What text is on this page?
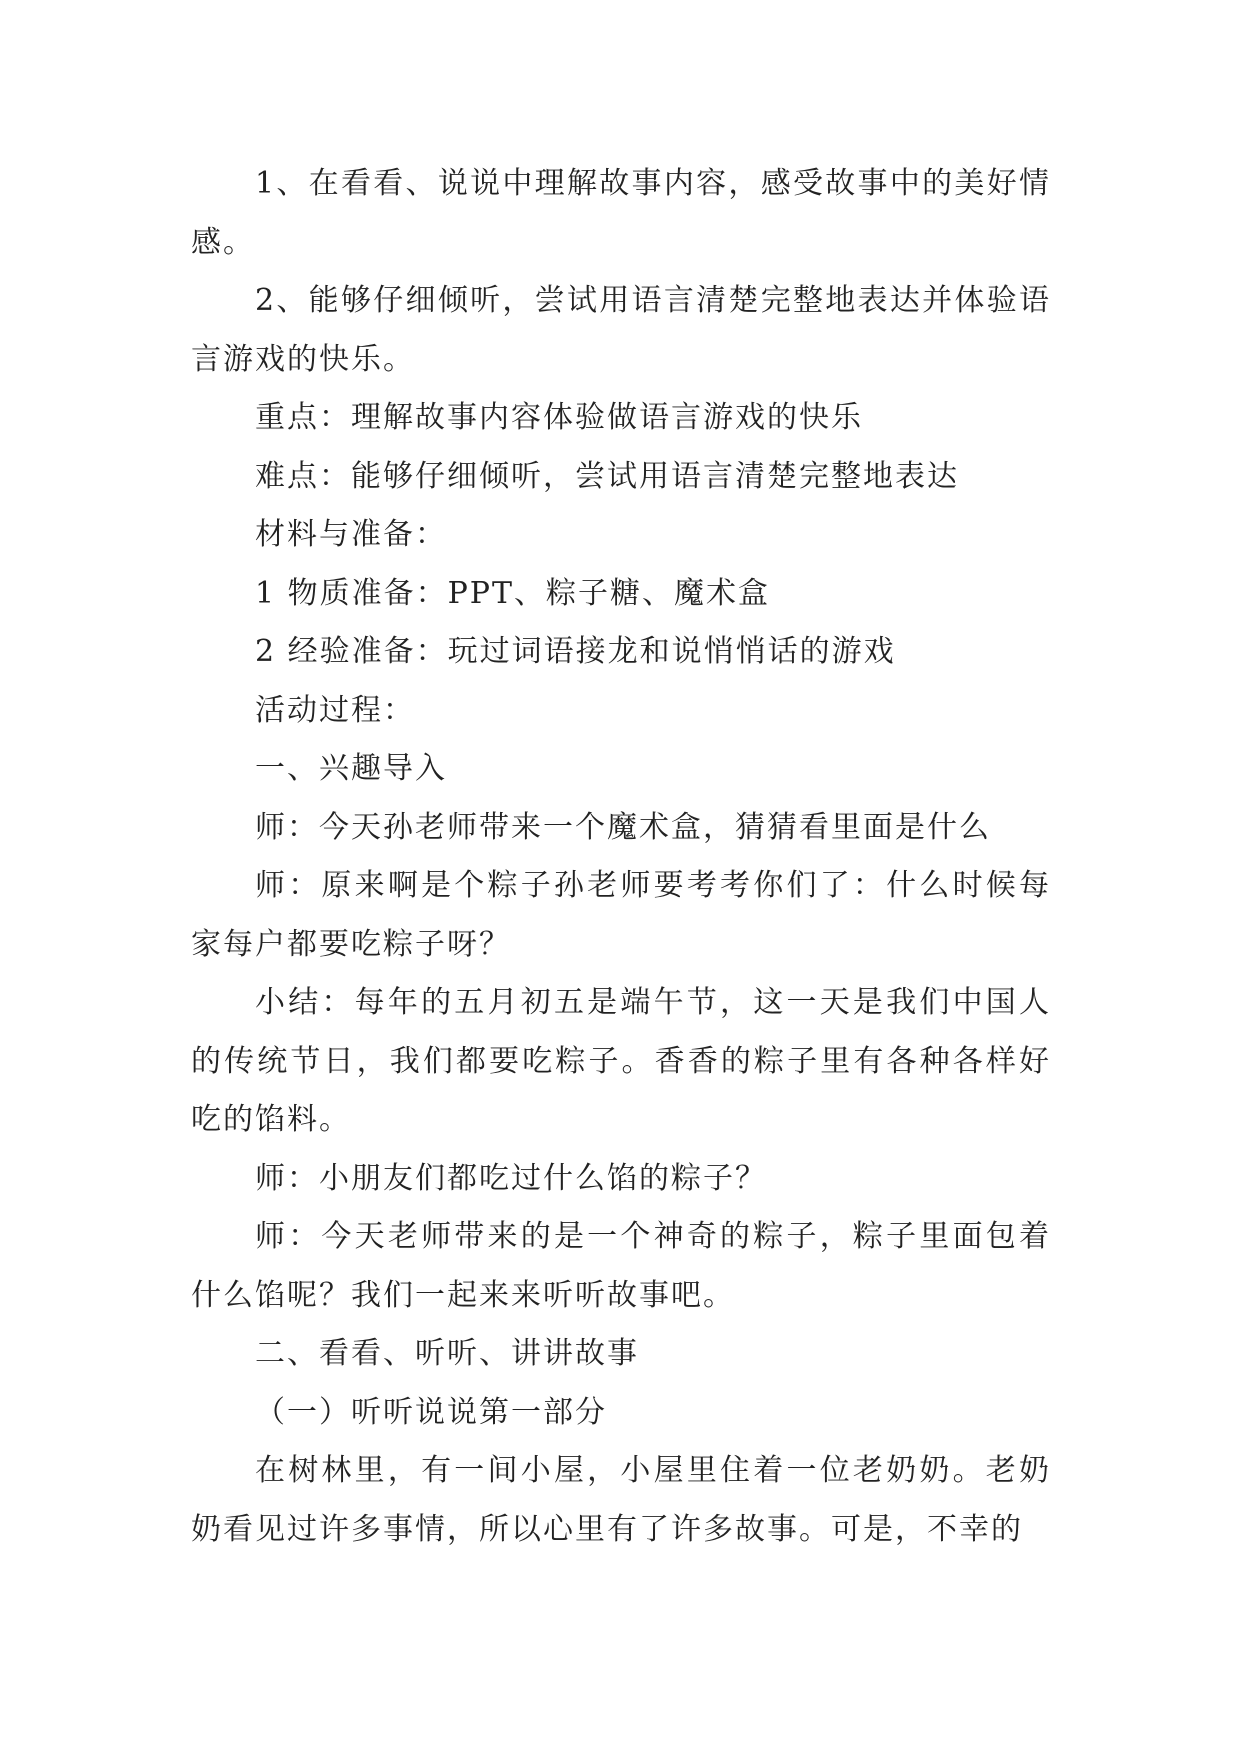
1、在看看、说说中理解故事内容，感受故事中的美好情感。

2、能够仔细倾听，尝试用语言清楚完整地表达并体验语言游戏的快乐。

重点：理解故事内容体验做语言游戏的快乐

难点：能够仔细倾听，尝试用语言清楚完整地表达

材料与准备：

1 物质准备：PPT、粽子糖、魔术盒

2 经验准备：玩过词语接龙和说悄悄话的游戏

活动过程：

一、兴趣导入

师：今天孙老师带来一个魔术盒，猜猜看里面是什么

师：原来啊是个粽子孙老师要考考你们了：什么时候每家每户都要吃粽子呀？

小结：每年的五月初五是端午节，这一天是我们中国人的传统节日，我们都要吃粽子。香香的粽子里有各种各样好吃的馅料。

师：小朋友们都吃过什么馅的粽子？

师：今天老师带来的是一个神奇的粽子，粽子里面包着什么馅呢？我们一起来来听听故事吧。

二、看看、听听、讲讲故事

（一）听听说说第一部分

在树林里，有一间小屋，小屋里住着一位老奶奶。老奶奶看见过许多事情，所以心里有了许多故事。可是，不幸的
